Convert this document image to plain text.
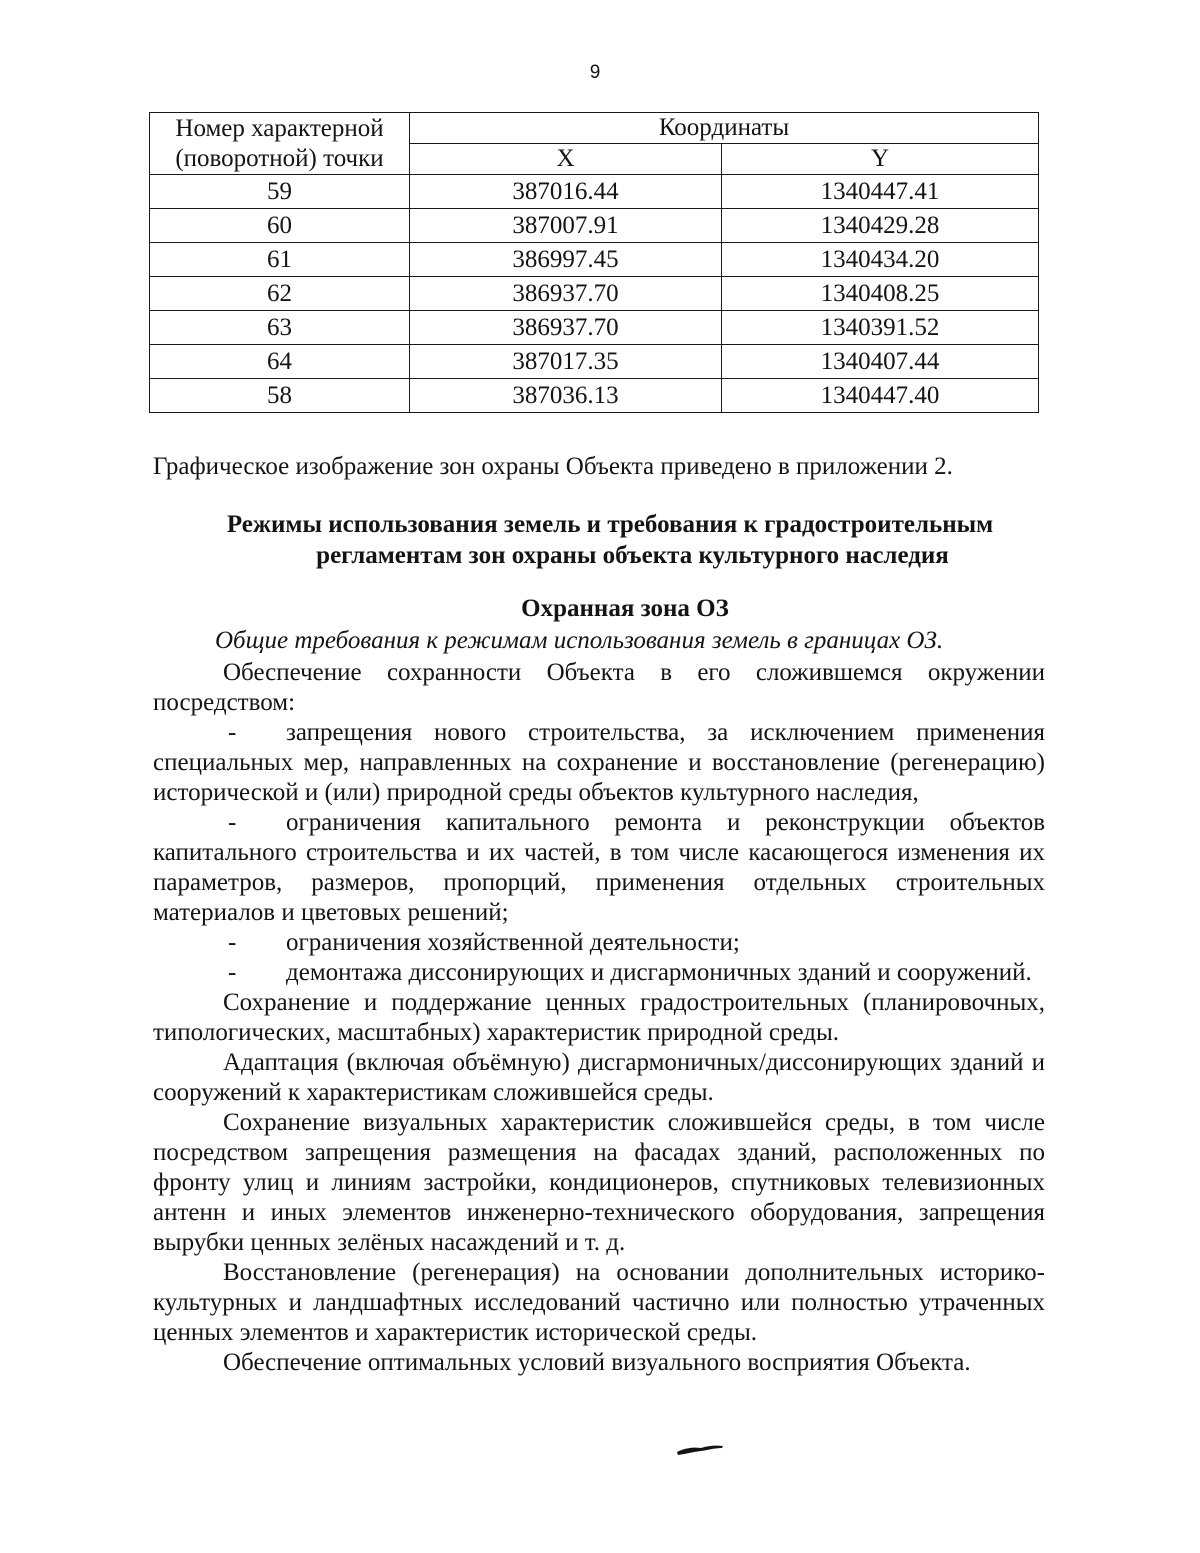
9
Номер характерной (поворотной) точки	Координаты	
	X	Y
59	387016.44	1340447.41
60	387007.91	1340429.28
61	386997.45	1340434.20
62	386937.70	1340408.25
63	386937.70	1340391.52
64	387017.35	1340407.44
58	387036.13	1340447.40
Графическое изображение зон охраны Объекта приведено в приложении 2.
Режимы использования земель и требования к градостроительным
регламентам зон охраны объекта культурного наследия
Охранная зона ОЗ
Общие требования к режимам использования земель в границах ОЗ.

Обеспечение сохранности Объекта в его сложившемся окружении посредством:

- запрещения нового строительства, за исключением применения специальных мер, направленных на сохранение и восстановление (регенерацию) исторической и (или) природной среды объектов культурного наследия,

- ограничения капитального ремонта и реконструкции объектов капитального строительства и их частей, в том числе касающегося изменения их параметров, размеров, пропорций, применения отдельных строительных материалов и цветовых решений;

- ограничения хозяйственной деятельности;

- демонтажа диссонирующих и дисгармоничных зданий и сооружений.

Сохранение и поддержание ценных градостроительных (планировочных, типологических, масштабных) характеристик природной среды.

Адаптация (включая объёмную) дисгармоничных/диссонирующих зданий и сооружений к характеристикам сложившейся среды.

Сохранение визуальных характеристик сложившейся среды, в том числе посредством запрещения размещения на фасадах зданий, расположенных по фронту улиц и линиям застройки, кондиционеров, спутниковых телевизионных антенн и иных элементов инженерно-технического оборудования, запрещения вырубки ценных зелёных насаждений и т. д.

Восстановление (регенерация) на основании дополнительных историко-культурных и ландшафтных исследований частично или полностью утраченных ценных элементов и характеристик исторической среды.

Обеспечение оптимальных условий визуального восприятия Объекта.
